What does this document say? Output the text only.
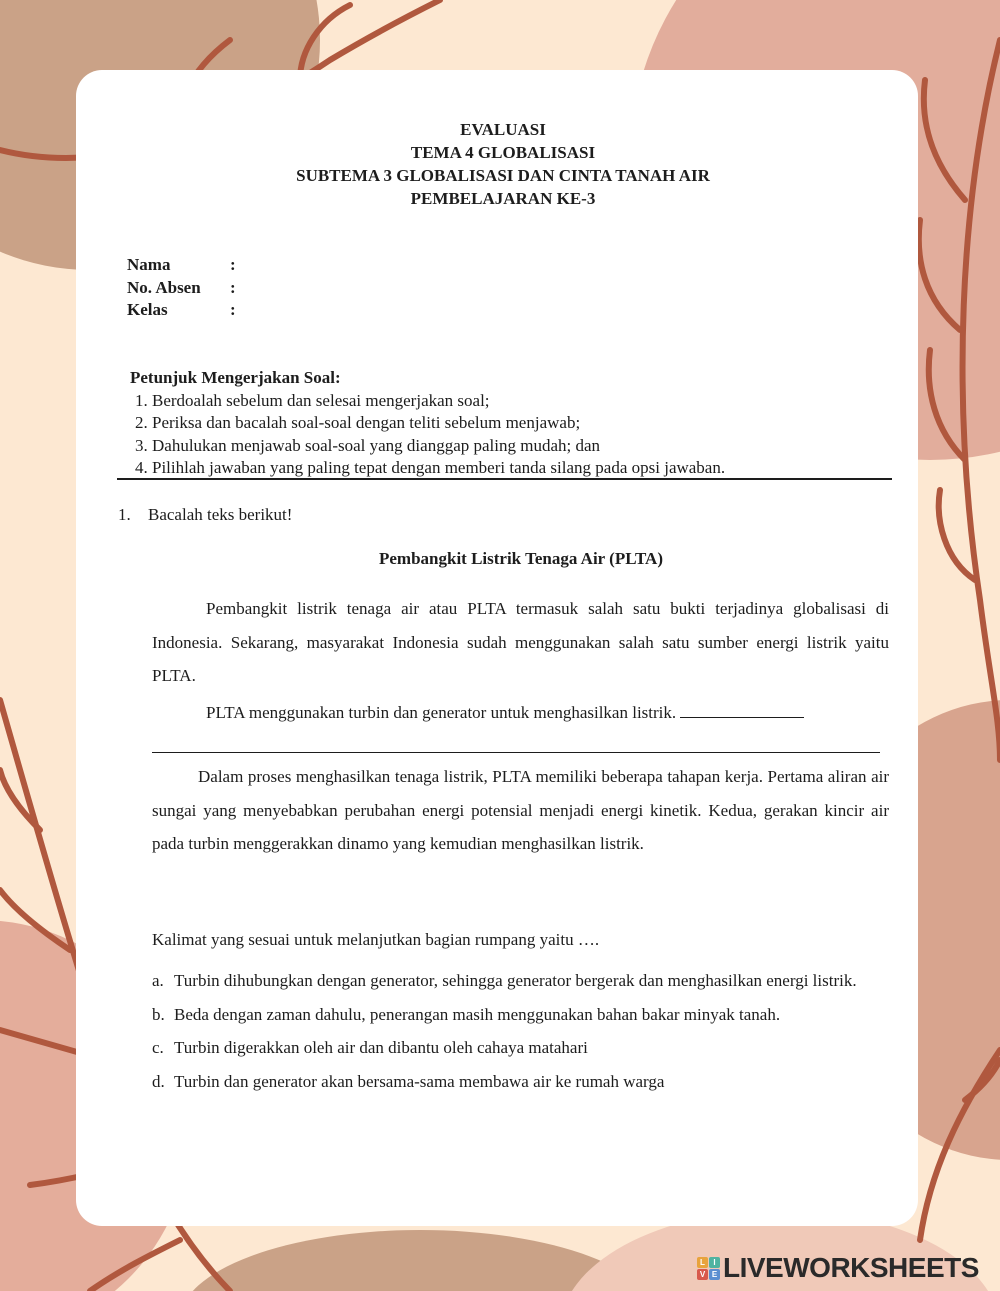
EVALUASI
TEMA 4 GLOBALISASI
SUBTEMA 3 GLOBALISASI DAN CINTA TANAH AIR
PEMBELAJARAN KE-3
Nama	:
No. Absen	:
Kelas	:
Petunjuk Mengerjakan Soal:
1. Berdoalah sebelum dan selesai mengerjakan soal;
2. Periksa dan bacalah soal-soal dengan teliti sebelum menjawab;
3. Dahulukan menjawab soal-soal yang dianggap paling mudah; dan
4. Pilihlah jawaban yang paling tepat dengan memberi tanda silang pada opsi jawaban.
1. Bacalah teks berikut!
Pembangkit Listrik Tenaga Air (PLTA)
Pembangkit listrik tenaga air atau PLTA termasuk salah satu bukti terjadinya globalisasi di Indonesia. Sekarang, masyarakat Indonesia sudah menggunakan salah satu sumber energi listrik yaitu PLTA.
PLTA menggunakan turbin dan generator untuk menghasilkan listrik.
Dalam proses menghasilkan tenaga listrik, PLTA memiliki beberapa tahapan kerja. Pertama aliran air sungai yang menyebabkan perubahan energi potensial menjadi energi kinetik. Kedua, gerakan kincir air pada turbin menggerakkan dinamo yang kemudian menghasilkan listrik.
Kalimat yang sesuai untuk melanjutkan bagian rumpang yaitu ….
a. Turbin dihubungkan dengan generator, sehingga generator bergerak dan menghasilkan energi listrik.
b. Beda dengan zaman dahulu, penerangan masih menggunakan bahan bakar minyak tanah.
c. Turbin digerakkan oleh air dan dibantu oleh cahaya matahari
d. Turbin dan generator akan bersama-sama membawa air ke rumah warga
L	I
V E LIVEWORKSHEETS
